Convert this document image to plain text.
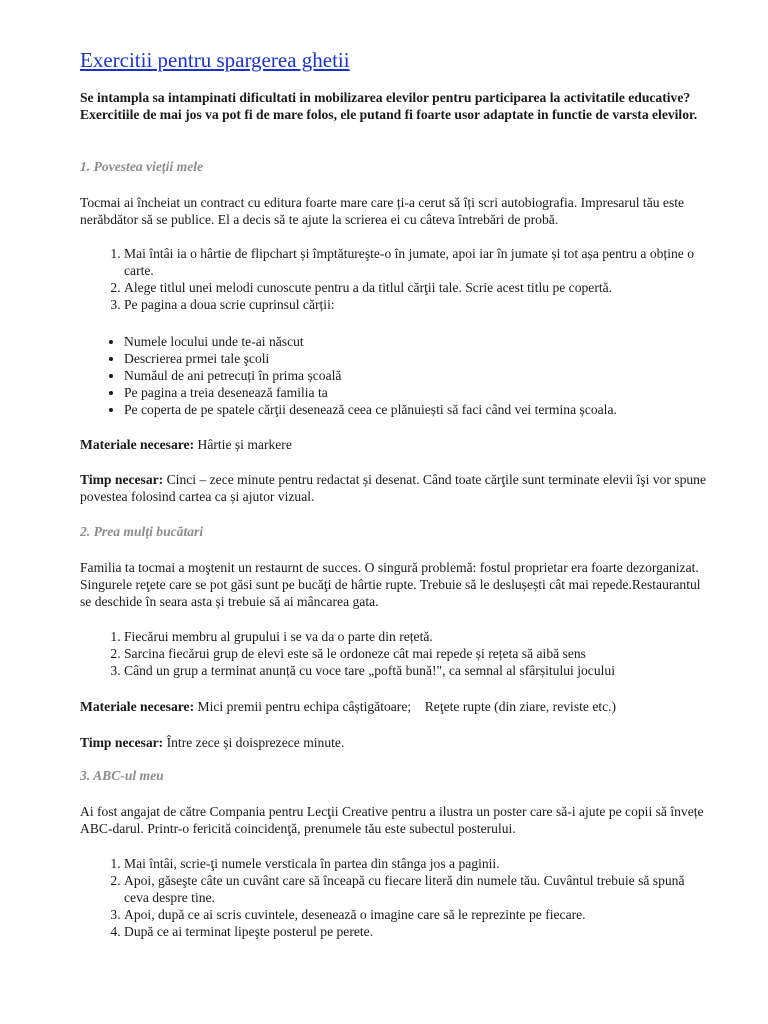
Exercitii pentru spargerea ghetii

Se intampla sa intampinati dificultati in mobilizarea elevilor pentru participarea la activitatile educative? Exercitiile de mai jos va pot fi de mare folos, ele putand fi foarte usor adaptate in functie de varsta elevilor.

1. Povestea vieții mele

Tocmai ai încheiat un contract cu editura foarte mare care ți-a cerut să îți scri autobiografia. Impresarul tău este nerăbdător să se publice. El a decis să te ajute la scrierea ei cu câteva întrebări de probă.

1. Mai întâi ia o hârtie de flipchart și împtătureşte-o în jumate, apoi iar în jumate și tot așa pentru a obține o carte.
2. Alege titlul unei melodi cunoscute pentru a da titlul cărţii tale. Scrie acest titlu pe copertă.
3. Pe pagina a doua scrie cuprinsul cărții:
• Numele locului unde te-ai născut
• Descrierea prmei tale şcoli
• Număul de ani petrecuți în prima școală
• Pe pagina a treia desenează familia ta
• Pe coperta de pe spatele cărţii desenează ceea ce plănuiești să faci când vei termina școala.

Materiale necesare: Hârtie și markere

Timp necesar: Cinci – zece minute pentru redactat și desenat. Când toate cărţile sunt terminate elevii îşi vor spune povestea folosind cartea ca și ajutor vizual.

2. Prea mulți bucătari

Familia ta tocmai a moştenit un restaurnt de succes. O singură problemă: fostul proprietar era foarte dezorganizat. Singurele reţete care se pot găsi sunt pe bucăţi de hârtie rupte. Trebuie să le deslușești cât mai repede.Restaurantul se deschide în seara asta și trebuie să ai mâncarea gata.

1. Fiecărui membru al grupului i se va da o parte din rețetă.
2. Sarcina fiecărui grup de elevi este să le ordoneze cât mai repede și rețeta să aibă sens
3. Când un grup a terminat anunță cu voce tare „poftă bună!", ca semnal al sfârșitului jocului

Materiale necesare: Mici premii pentru echipa câștigătoare;    Reţete rupte (din ziare, reviste etc.)

Timp necesar: Între zece și doisprezece minute.

3. ABC-ul meu

Ai fost angajat de către Compania pentru Lecţii Creative pentru a ilustra un poster care să-i ajute pe copii să învețe ABC-darul. Printr-o fericită coincidenţă, prenumele tău este subectul posterului.

1. Mai întâi, scrie-ţi numele versticala în partea din stânga jos a paginii.
2. Apoi, găseşte câte un cuvânt care să înceapă cu fiecare literă din numele tău. Cuvântul trebuie să spună ceva despre tine.
3. Apoi, după ce ai scris cuvintele, desenează o imagine care să le reprezinte pe fiecare.
4. După ce ai terminat lipeşte posterul pe perete.
